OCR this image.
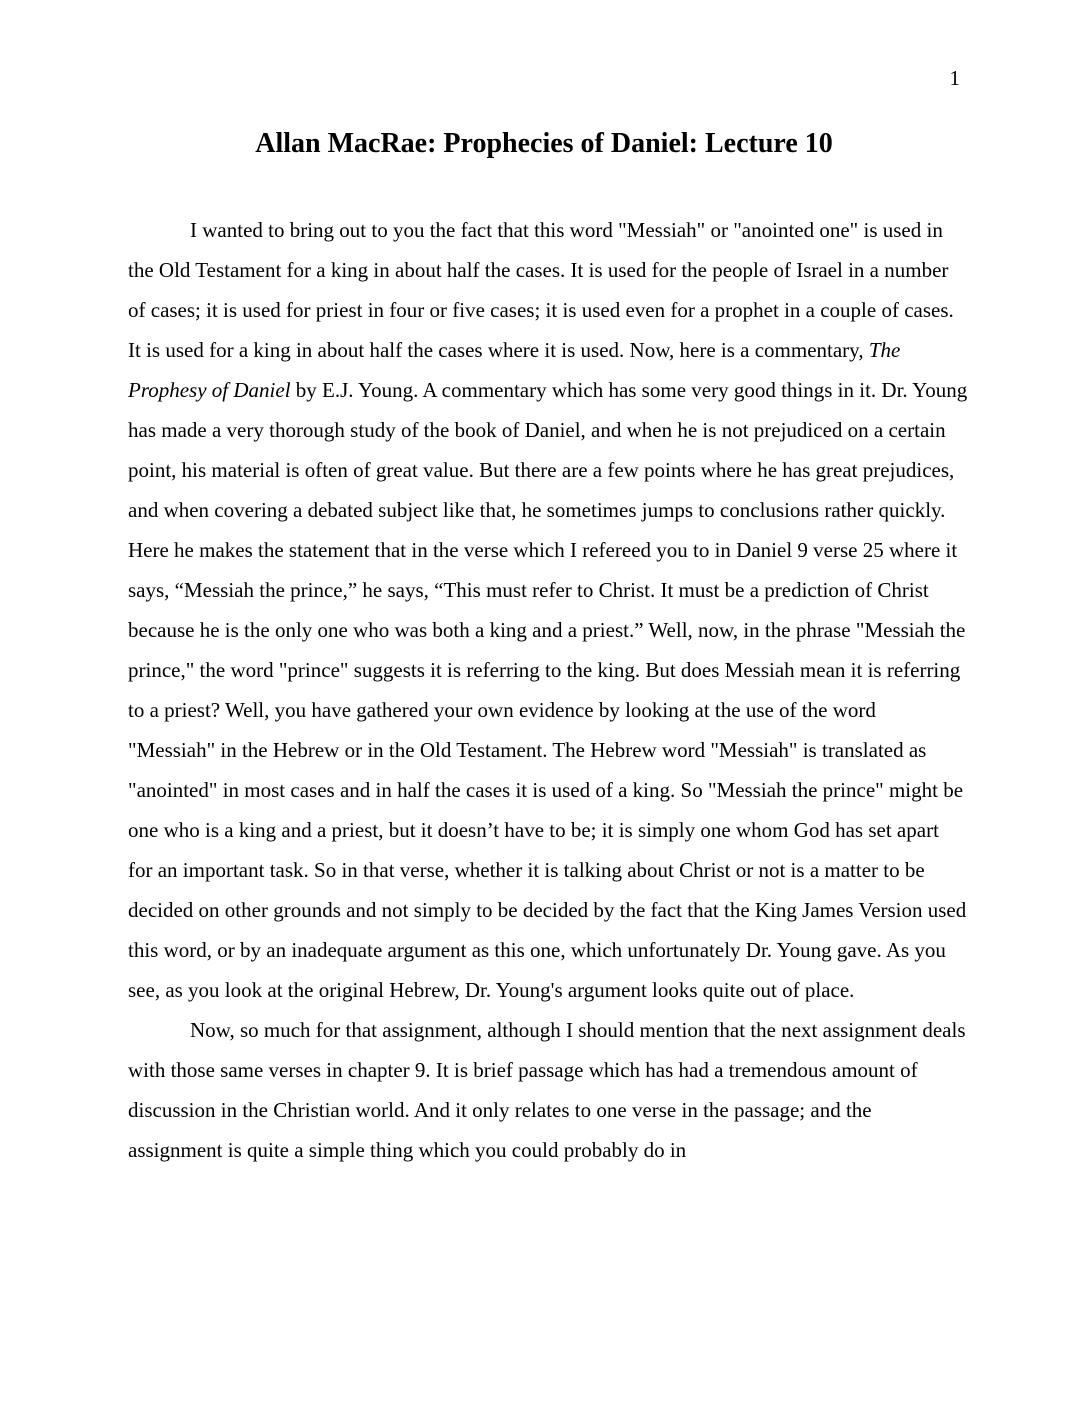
1
Allan MacRae: Prophecies of Daniel: Lecture 10

I wanted to bring out to you the fact that this word "Messiah" or "anointed one" is used in the Old Testament for a king in about half the cases. It is used for the people of Israel in a number of cases; it is used for priest in four or five cases; it is used even for a prophet in a couple of cases. It is used for a king in about half the cases where it is used. Now, here is a commentary, The Prophesy of Daniel by E.J. Young. A commentary which has some very good things in it. Dr. Young has made a very thorough study of the book of Daniel, and when he is not prejudiced on a certain point, his material is often of great value. But there are a few points where he has great prejudices, and when covering a debated subject like that, he sometimes jumps to conclusions rather quickly. Here he makes the statement that in the verse which I refereed you to in Daniel 9 verse 25 where it says, “Messiah the prince,” he says, “This must refer to Christ. It must be a prediction of Christ because he is the only one who was both a king and a priest.” Well, now, in the phrase "Messiah the prince," the word "prince" suggests it is referring to the king. But does Messiah mean it is referring to a priest? Well, you have gathered your own evidence by looking at the use of the word "Messiah" in the Hebrew or in the Old Testament. The Hebrew word "Messiah" is translated as "anointed" in most cases and in half the cases it is used of a king. So "Messiah the prince" might be one who is a king and a priest, but it doesn’t have to be; it is simply one whom God has set apart for an important task. So in that verse, whether it is talking about Christ or not is a matter to be decided on other grounds and not simply to be decided by the fact that the King James Version used this word, or by an inadequate argument as this one, which unfortunately Dr. Young gave. As you see, as you look at the original Hebrew, Dr. Young's argument looks quite out of place.

Now, so much for that assignment, although I should mention that the next assignment deals with those same verses in chapter 9. It is brief passage which has had a tremendous amount of discussion in the Christian world. And it only relates to one verse in the passage; and the assignment is quite a simple thing which you could probably do in
